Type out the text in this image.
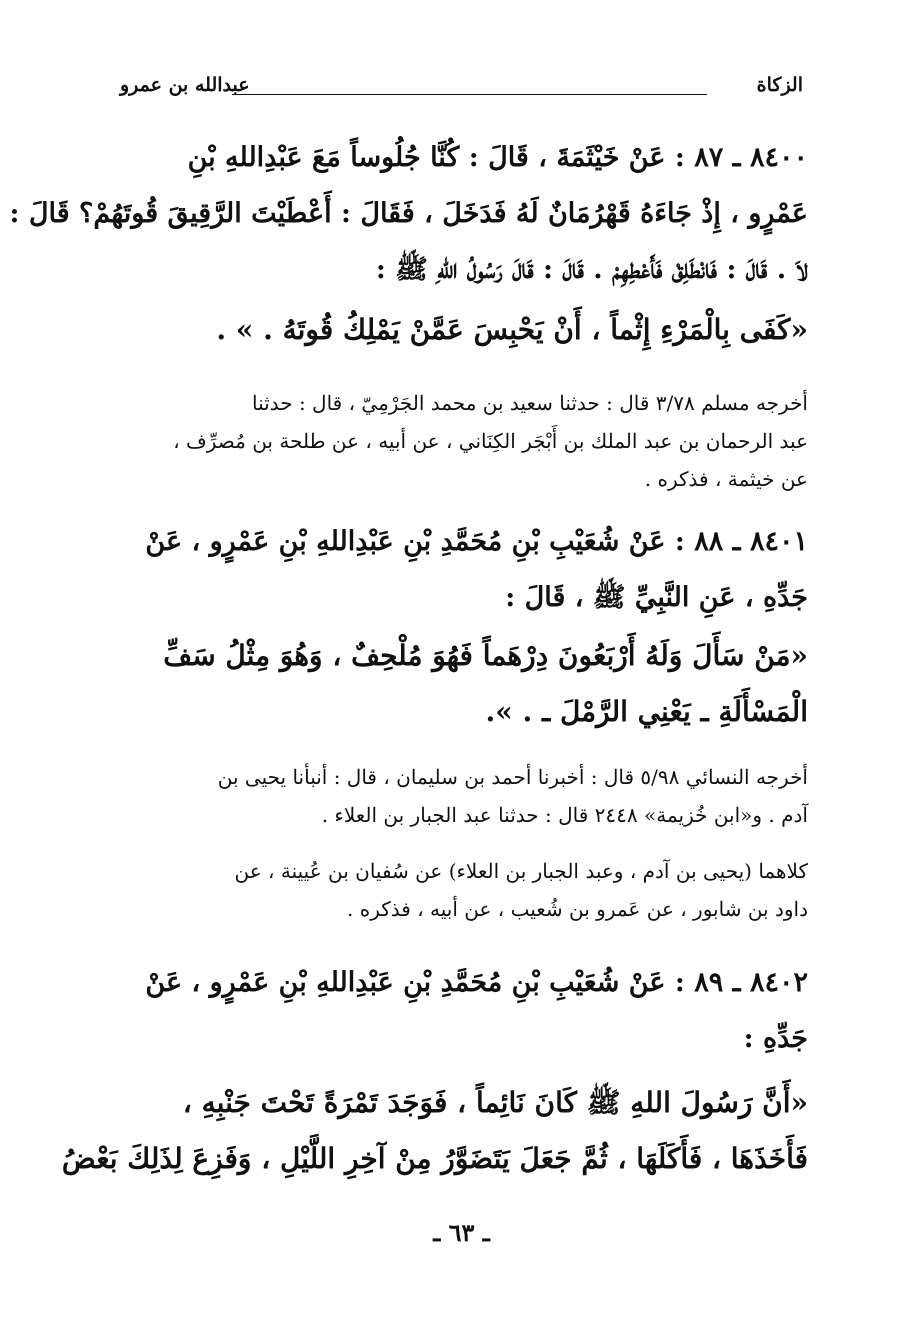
الزكاة
عبدالله بن عمرو
٨٤٠٠ ـ ٨٧ : عَنْ خَيْثَمَةَ ، قَالَ : كُنَّا جُلُوساً مَعَ عَبْدِاللهِ بْنِ
عَمْرٍو ، إِذْ جَاءَهُ قَهْرُمَانٌ لَهُ فَدَخَلَ ، فَقَالَ : أَعْطَيْتَ الرَّقِيقَ قُوتَهُمْ؟ قَالَ :
لاَ . قَالَ : فَانْطَلِقْ فَأَعْطِهِمْ . قَالَ : قَالَ رَسُولُ اللهِ ﷺ :
«كَفَى بِالْمَرْءِ إِثْماً ، أَنْ يَحْبِسَ عَمَّنْ يَمْلِكُ قُوتَهُ . » .
أخرجه مسلم ٣/٧٨ قال : حدثنا سعيد بن محمد الجَرْمِيّ ، قال : حدثنا
عبد الرحمان بن عبد الملك بن أَبْجَر الكِنَاني ، عن أبيه ، عن طلحة بن مُصرِّف ،
عن خيثمة ، فذكره .
٨٤٠١ ـ ٨٨ : عَنْ شُعَيْبِ بْنِ مُحَمَّدِ بْنِ عَبْدِاللهِ بْنِ عَمْرٍو ، عَنْ
جَدِّهِ ، عَنِ النَّبِيِّ ﷺ ، قَالَ :
«مَنْ سَأَلَ وَلَهُ أَرْبَعُونَ دِرْهَماً فَهُوَ مُلْحِفٌ ، وَهُوَ مِثْلُ سَفِّ
الْمَسْأَلَةِ ـ يَعْنِي الرَّمْلَ ـ . ».
أخرجه النسائي ٥/٩٨ قال : أخبرنا أحمد بن سليمان ، قال : أنبأنا يحيى بن
آدم . و«ابن خُزيمة» ٢٤٤٨ قال : حدثنا عبد الجبار بن العلاء .
كلاهما (يحيى بن آدم ، وعبد الجبار بن العلاء) عن سُفيان بن عُيينة ، عن
داود بن شابور ، عن عَمرو بن شُعيب ، عن أبيه ، فذكره .
٨٤٠٢ ـ ٨٩ : عَنْ شُعَيْبِ بْنِ مُحَمَّدِ بْنِ عَبْدِاللهِ بْنِ عَمْرٍو ، عَنْ
جَدِّهِ :
«أَنَّ رَسُولَ اللهِ ﷺ كَانَ نَائِماً ، فَوَجَدَ تَمْرَةً تَحْتَ جَنْبِهِ ،
فَأَخَذَهَا ، فَأَكَلَهَا ، ثُمَّ جَعَلَ يَتَضَوَّرُ مِنْ آخِرِ اللَّيْلِ ، وَفَزِعَ لِذَلِكَ بَعْضُ
ـ ٦٣ ـ
